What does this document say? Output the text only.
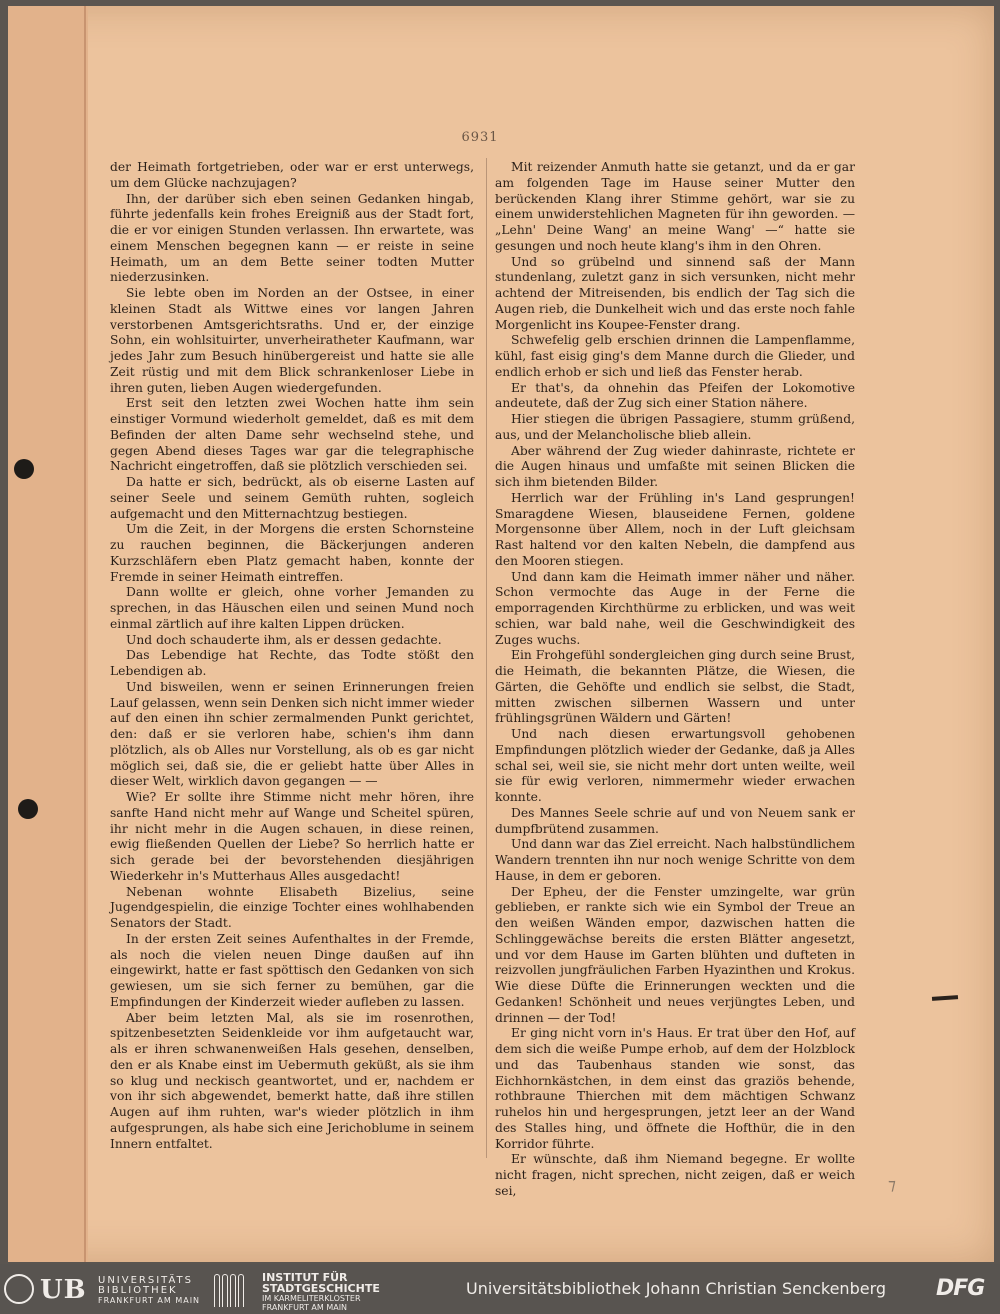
6931

der Heimath fortgetrieben, oder war er erst unterwegs, um dem Glücke nachzujagen?

Ihn, der darüber sich eben seinen Gedanken hingab, führte jedenfalls kein frohes Ereigniß aus der Stadt fort, die er vor einigen Stunden verlassen. Ihn erwartete, was einem Menschen begegnen kann — er reiste in seine Heimath, um an dem Bette seiner todten Mutter niederzusinken.

Sie lebte oben im Norden an der Ostsee, in einer kleinen Stadt als Wittwe eines vor langen Jahren verstorbenen Amtsgerichtsraths. Und er, der einzige Sohn, ein wohlsituirter, unverheiratheter Kaufmann, war jedes Jahr zum Besuch hinübergereist und hatte sie alle Zeit rüstig und mit dem Blick schrankenloser Liebe in ihren guten, lieben Augen wiedergefunden.

Erst seit den letzten zwei Wochen hatte ihm sein einstiger Vormund wiederholt gemeldet, daß es mit dem Befinden der alten Dame sehr wechselnd stehe, und gegen Abend dieses Tages war gar die telegraphische Nachricht eingetroffen, daß sie plötzlich verschieden sei.

Da hatte er sich, bedrückt, als ob eiserne Lasten auf seiner Seele und seinem Gemüth ruhten, sogleich aufgemacht und den Mitternachtzug bestiegen.

Um die Zeit, in der Morgens die ersten Schornsteine zu rauchen beginnen, die Bäckerjungen anderen Kurzschläfern eben Platz gemacht haben, konnte der Fremde in seiner Heimath eintreffen.

Dann wollte er gleich, ohne vorher Jemanden zu sprechen, in das Häuschen eilen und seinen Mund noch einmal zärtlich auf ihre kalten Lippen drücken.

Und doch schauderte ihm, als er dessen gedachte.

Das Lebendige hat Rechte, das Todte stößt den Lebendigen ab.

Und bisweilen, wenn er seinen Erinnerungen freien Lauf gelassen, wenn sein Denken sich nicht immer wieder auf den einen ihn schier zermalmenden Punkt gerichtet, den: daß er sie verloren habe, schien's ihm dann plötzlich, als ob Alles nur Vorstellung, als ob es gar nicht möglich sei, daß sie, die er geliebt hatte über Alles in dieser Welt, wirklich davon gegangen — —

Wie? Er sollte ihre Stimme nicht mehr hören, ihre sanfte Hand nicht mehr auf Wange und Scheitel spüren, ihr nicht mehr in die Augen schauen, in diese reinen, ewig fließenden Quellen der Liebe? So herrlich hatte er sich gerade bei der bevorstehenden diesjährigen Wiederkehr in's Mutterhaus Alles ausgedacht!

Nebenan wohnte Elisabeth Bizelius, seine Jugendgespielin, die einzige Tochter eines wohlhabenden Senators der Stadt.

In der ersten Zeit seines Aufenthaltes in der Fremde, als noch die vielen neuen Dinge daußen auf ihn eingewirkt, hatte er fast spöttisch den Gedanken von sich gewiesen, um sie sich ferner zu bemühen, gar die Empfindungen der Kinderzeit wieder aufleben zu lassen.

Aber beim letzten Mal, als sie im rosenrothen, spitzenbesetzten Seidenkleide vor ihm aufgetaucht war, als er ihren schwanenweißen Hals gesehen, denselben, den er als Knabe einst im Uebermuth geküßt, als sie ihm so klug und neckisch geantwortet, und er, nachdem er von ihr sich abgewendet, bemerkt hatte, daß ihre stillen Augen auf ihm ruhten, war's wieder plötzlich in ihm aufgesprungen, als habe sich eine Jerichoblume in seinem Innern entfaltet.

Mit reizender Anmuth hatte sie getanzt, und da er gar am folgenden Tage im Hause seiner Mutter den berückenden Klang ihrer Stimme gehört, war sie zu einem unwiderstehlichen Magneten für ihn geworden. — „Lehn' Deine Wang' an meine Wang' —“ hatte sie gesungen und noch heute klang's ihm in den Ohren.

Und so grübelnd und sinnend saß der Mann stundenlang, zuletzt ganz in sich versunken, nicht mehr achtend der Mitreisenden, bis endlich der Tag sich die Augen rieb, die Dunkelheit wich und das erste noch fahle Morgenlicht ins Koupee-Fenster drang.

Schwefelig gelb erschien drinnen die Lampenflamme, kühl, fast eisig ging's dem Manne durch die Glieder, und endlich erhob er sich und ließ das Fenster herab.

Er that's, da ohnehin das Pfeifen der Lokomotive andeutete, daß der Zug sich einer Station nähere.

Hier stiegen die übrigen Passagiere, stumm grüßend, aus, und der Melancholische blieb allein.

Aber während der Zug wieder dahinraste, richtete er die Augen hinaus und umfaßte mit seinen Blicken die sich ihm bietenden Bilder.

Herrlich war der Frühling in's Land gesprungen! Smaragdene Wiesen, blauseidene Fernen, goldene Morgensonne über Allem, noch in der Luft gleichsam Rast haltend vor den kalten Nebeln, die dampfend aus den Mooren stiegen.

Und dann kam die Heimath immer näher und näher. Schon vermochte das Auge in der Ferne die emporragenden Kirchthürme zu erblicken, und was weit schien, war bald nahe, weil die Geschwindigkeit des Zuges wuchs.

Ein Frohgefühl sondergleichen ging durch seine Brust, die Heimath, die bekannten Plätze, die Wiesen, die Gärten, die Gehöfte und endlich sie selbst, die Stadt, mitten zwischen silbernen Wassern und unter frühlingsgrünen Wäldern und Gärten!

Und nach diesen erwartungsvoll gehobenen Empfindungen plötzlich wieder der Gedanke, daß ja Alles schal sei, weil sie, sie nicht mehr dort unten weilte, weil sie für ewig verloren, nimmermehr wieder erwachen konnte.

Des Mannes Seele schrie auf und von Neuem sank er dumpfbrütend zusammen.

Und dann war das Ziel erreicht. Nach halbstündlichem Wandern trennten ihn nur noch wenige Schritte von dem Hause, in dem er geboren.

Der Epheu, der die Fenster umzingelte, war grün geblieben, er rankte sich wie ein Symbol der Treue an den weißen Wänden empor, dazwischen hatten die Schlinggewächse bereits die ersten Blätter angesetzt, und vor dem Hause im Garten blühten und dufteten in reizvollen jungfräulichen Farben Hyazinthen und Krokus. Wie diese Düfte die Erinnerungen weckten und die Gedanken! Schönheit und neues verjüngtes Leben, und drinnen — der Tod!

Er ging nicht vorn in's Haus. Er trat über den Hof, auf dem sich die weiße Pumpe erhob, auf dem der Holzblock und das Taubenhaus standen wie sonst, das Eichhornkästchen, in dem einst das graziös behende, rothbraune Thierchen mit dem mächtigen Schwanz ruhelos hin und hergesprungen, jetzt leer an der Wand des Stalles hing, und öffnete die Hofthür, die in den Korridor führte.

Er wünschte, daß ihm Niemand begegne. Er wollte nicht fragen, nicht sprechen, nicht zeigen, daß er weich sei,	⁊
UB UNIVERSITÄTS
BIBLIOTHEK
FRANKFURT AM MAIN
INSTITUT FÜR
STADTGESCHICHTE
IM KARMELITERKLOSTER
FRANKFURT AM MAIN
Universitätsbibliothek Johann Christian Senckenberg DFG
